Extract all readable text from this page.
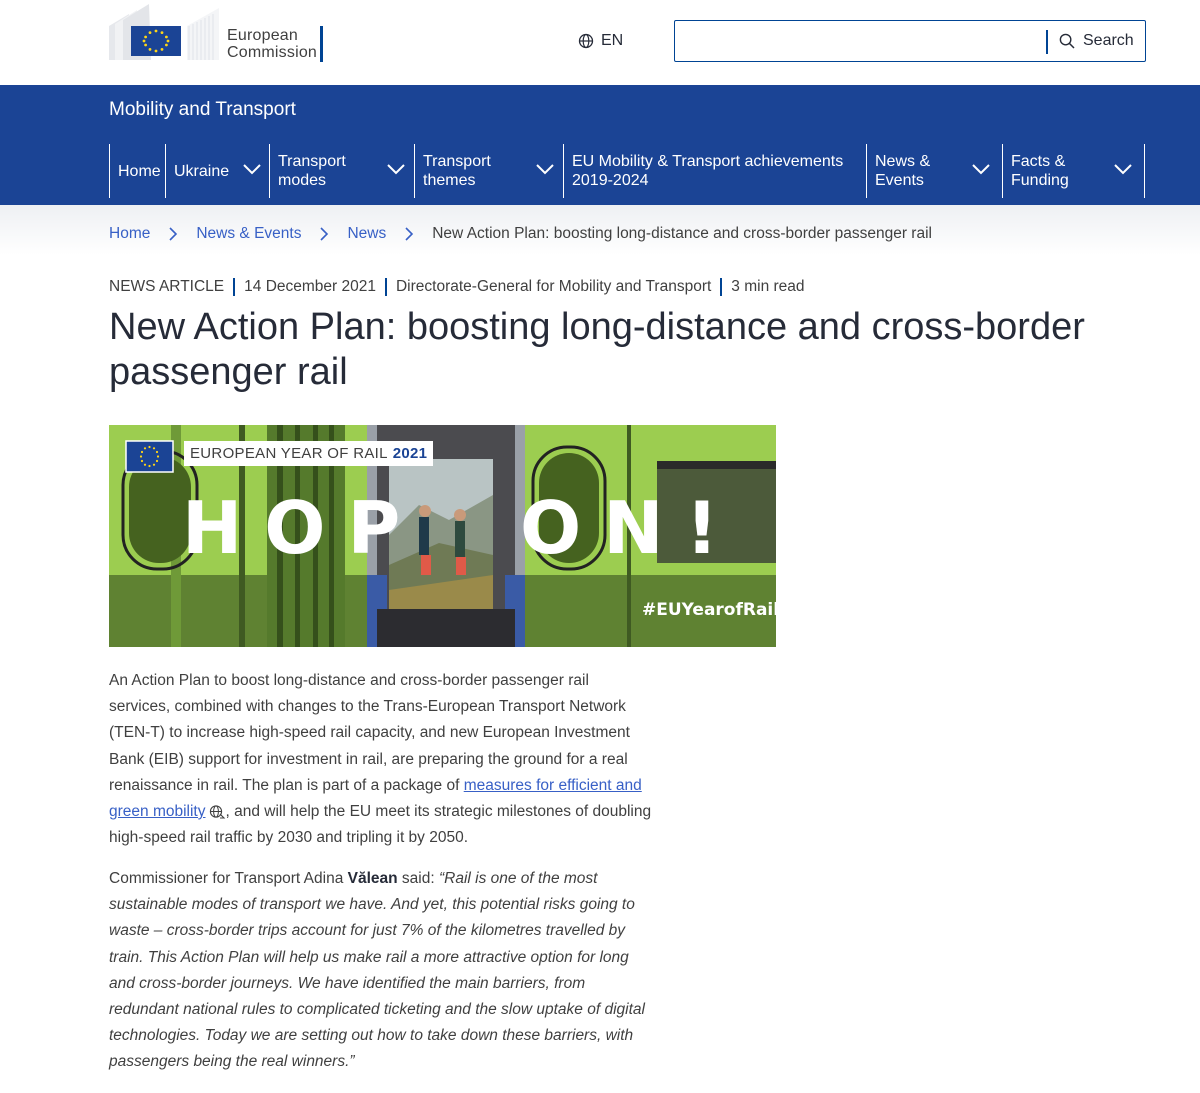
European
Commission
EN	Search
Mobility and Transport
Home Ukraine
Transport modes
Transport themes
EU Mobility & Transport achievements 2019-2024
News & Events
Facts & Funding
Home	News & Events	News	New Action Plan: boosting long-distance and cross-border passenger rail
NEWS ARTICLE 14 December 2021 Directorate-General for Mobility and Transport 3 min read
New Action Plan: boosting long-distance and cross-border passenger rail
EUROPEAN YEAR OF RAIL 2021
HOP ON!
#EUYearofRail

An Action Plan to boost long-distance and cross-border passenger rail services, combined with changes to the Trans-European Transport Network (TEN-T) to increase high-speed rail capacity, and new European Investment Bank (EIB) support for investment in rail, are preparing the ground for a real renaissance in rail. The plan is part of a package of measures for efficient and green mobility , and will help the EU meet its strategic milestones of doubling high-speed rail traffic by 2030 and tripling it by 2050.

Commissioner for Transport Adina Vălean said: “Rail is one of the most sustainable modes of transport we have. And yet, this potential risks going to waste – cross-border trips account for just 7% of the kilometres travelled by train. This Action Plan will help us make rail a more attractive option for long and cross-border journeys. We have identified the main barriers, from redundant national rules to complicated ticketing and the slow uptake of digital technologies. Today we are setting out how to take down these barriers, with passengers being the real winners.”
